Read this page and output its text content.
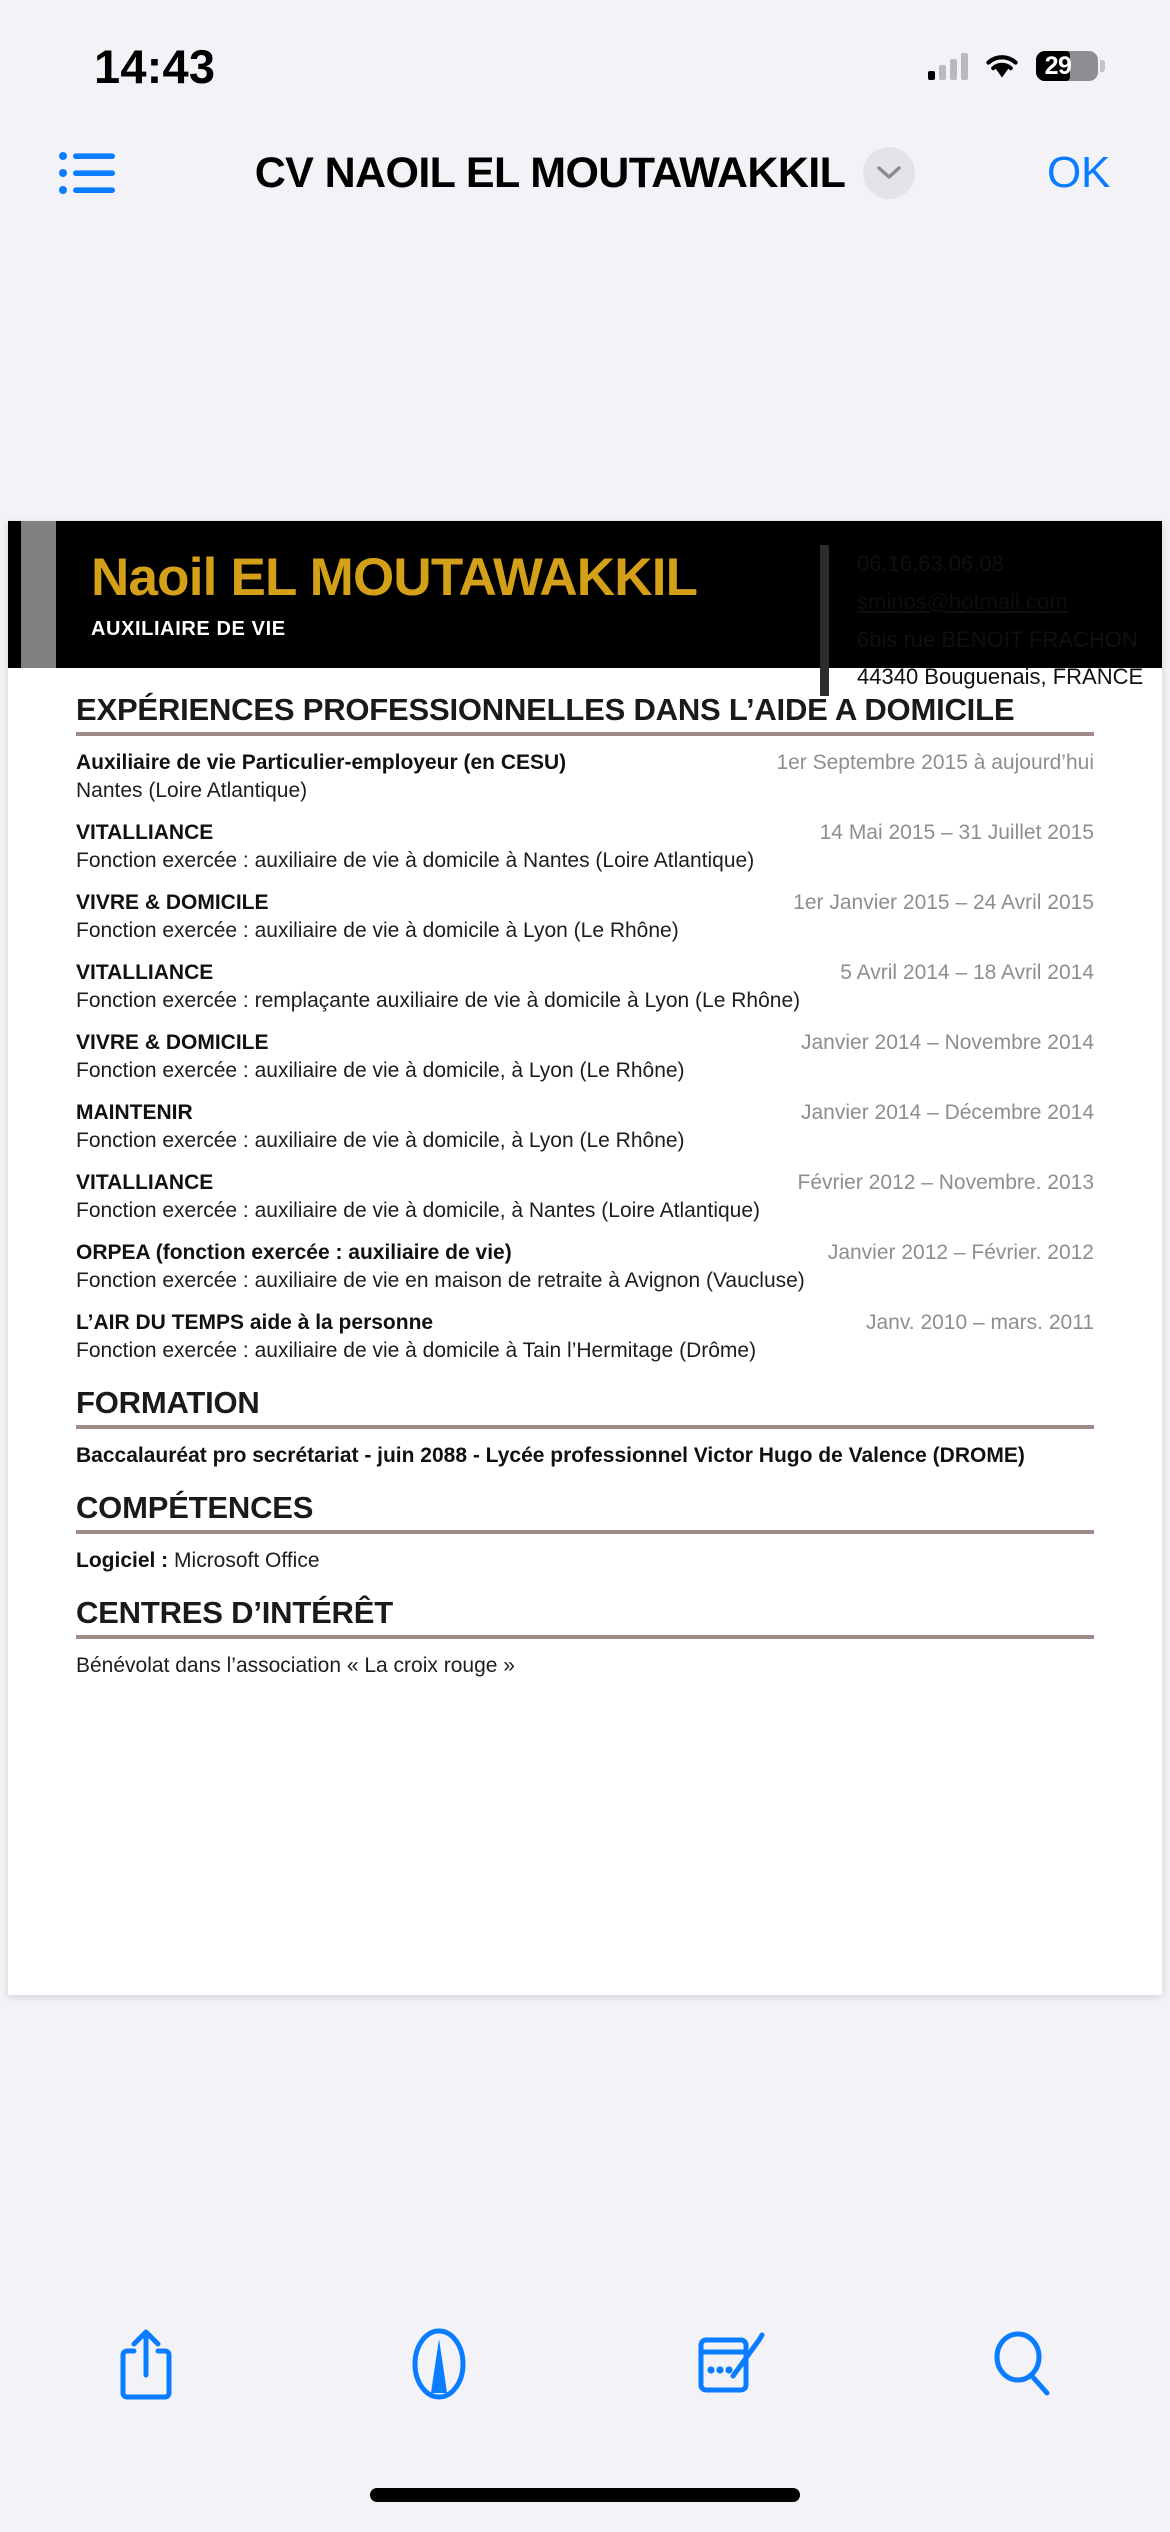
14:43	29
CV NAOIL EL MOUTAWAKKIL	OK
Naoil EL MOUTAWAKKIL
AUXILIAIRE DE VIE
06.16.63.06.08
sminos@hotmail.com
6bis rue BENOIT FRACHON
44340 Bouguenais, FRANCE
EXPÉRIENCES PROFESSIONNELLES DANS L’AIDE A DOMICILE
Auxiliaire de vie Particulier-employeur (en CESU)	1er Septembre 2015 à aujourd’hui
Nantes (Loire Atlantique)
VITALLIANCE	14 Mai 2015 – 31 Juillet 2015
Fonction exercée : auxiliaire de vie à domicile à Nantes (Loire Atlantique)
VIVRE & DOMICILE	1er Janvier 2015 – 24 Avril 2015
Fonction exercée : auxiliaire de vie à domicile à Lyon (Le Rhône)
VITALLIANCE	5 Avril 2014 – 18 Avril 2014
Fonction exercée : remplaçante auxiliaire de vie à domicile à Lyon (Le Rhône)
VIVRE & DOMICILE	Janvier 2014 – Novembre 2014
Fonction exercée : auxiliaire de vie à domicile, à Lyon (Le Rhône)
MAINTENIR	Janvier 2014 – Décembre 2014
Fonction exercée : auxiliaire de vie à domicile, à Lyon (Le Rhône)
VITALLIANCE	Février 2012 – Novembre. 2013
Fonction exercée : auxiliaire de vie à domicile, à Nantes (Loire Atlantique)
ORPEA (fonction exercée : auxiliaire de vie)	Janvier 2012 – Février. 2012
Fonction exercée : auxiliaire de vie en maison de retraite à Avignon (Vaucluse)
L’AIR DU TEMPS aide à la personne	Janv. 2010 – mars. 2011
Fonction exercée : auxiliaire de vie à domicile à Tain l’Hermitage (Drôme)
FORMATION
Baccalauréat pro secrétariat - juin 2088 - Lycée professionnel Victor Hugo de Valence (DROME)
COMPÉTENCES
Logiciel : Microsoft Office
CENTRES D’INTÉRÊT
Bénévolat dans l’association « La croix rouge »
